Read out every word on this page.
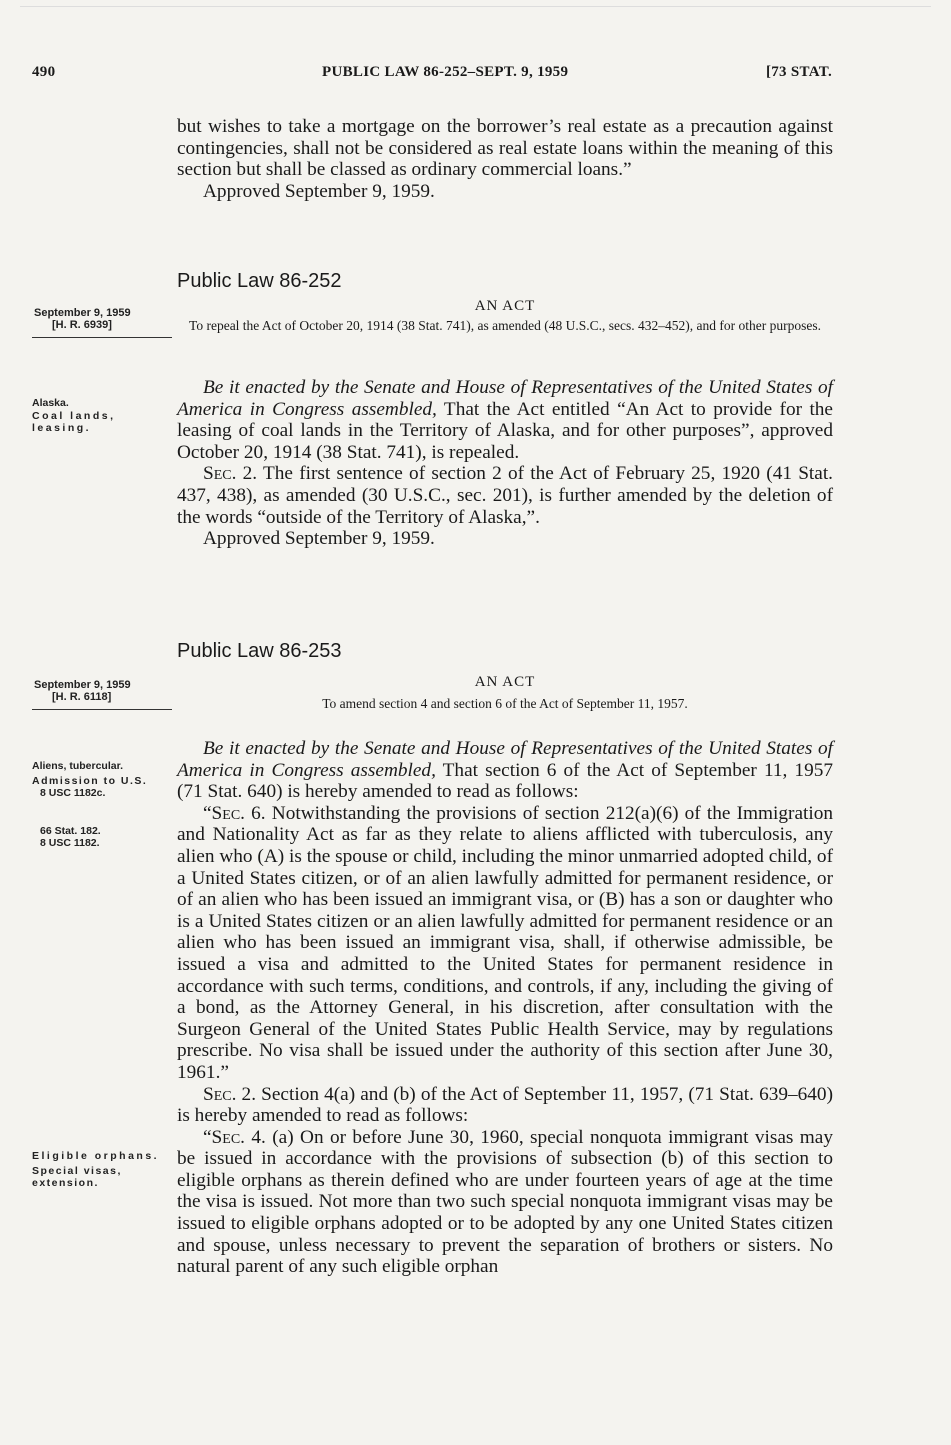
490	PUBLIC LAW 86-252–SEPT. 9, 1959	[73 STAT.

but wishes to take a mortgage on the borrower’s real estate as a precaution against contingencies, shall not be considered as real estate loans within the meaning of this section but shall be classed as ordinary commercial loans.”

Approved September 9, 1959.

Public Law 86-252
September 9, 1959
[H. R. 6939]
AN ACT
To repeal the Act of October 20, 1914 (38 Stat. 741), as amended (48 U.S.C., secs. 432–452), and for other purposes.
Alaska.
Coal lands, leasing.

Be it enacted by the Senate and House of Representatives of the United States of America in Congress assembled, That the Act entitled “An Act to provide for the leasing of coal lands in the Territory of Alaska, and for other purposes”, approved October 20, 1914 (38 Stat. 741), is repealed.

Sec. 2. The first sentence of section 2 of the Act of February 25, 1920 (41 Stat. 437, 438), as amended (30 U.S.C., sec. 201), is further amended by the deletion of the words “outside of the Territory of Alaska,”.

Approved September 9, 1959.

Public Law 86-253
September 9, 1959
[H. R. 6118]
AN ACT
To amend section 4 and section 6 of the Act of September 11, 1957.
Aliens, tubercular.
Admission to U.S.
8 USC 1182c.
66 Stat. 182.
8 USC 1182.
Eligible orphans.
Special visas, extension.

Be it enacted by the Senate and House of Representatives of the United States of America in Congress assembled, That section 6 of the Act of September 11, 1957 (71 Stat. 640) is hereby amended to read as follows:

“Sec. 6. Notwithstanding the provisions of section 212(a)(6) of the Immigration and Nationality Act as far as they relate to aliens afflicted with tuberculosis, any alien who (A) is the spouse or child, including the minor unmarried adopted child, of a United States citizen, or of an alien lawfully admitted for permanent residence, or of an alien who has been issued an immigrant visa, or (B) has a son or daughter who is a United States citizen or an alien lawfully admitted for permanent residence or an alien who has been issued an immigrant visa, shall, if otherwise admissible, be issued a visa and admitted to the United States for permanent residence in accordance with such terms, conditions, and controls, if any, including the giving of a bond, as the Attorney General, in his discretion, after consultation with the Surgeon General of the United States Public Health Service, may by regulations prescribe. No visa shall be issued under the authority of this section after June 30, 1961.”

Sec. 2. Section 4(a) and (b) of the Act of September 11, 1957, (71 Stat. 639–640) is hereby amended to read as follows:

“Sec. 4. (a) On or before June 30, 1960, special nonquota immigrant visas may be issued in accordance with the provisions of subsection (b) of this section to eligible orphans as therein defined who are under fourteen years of age at the time the visa is issued. Not more than two such special nonquota immigrant visas may be issued to eligible orphans adopted or to be adopted by any one United States citizen and spouse, unless necessary to prevent the separation of brothers or sisters. No natural parent of any such eligible orphan
